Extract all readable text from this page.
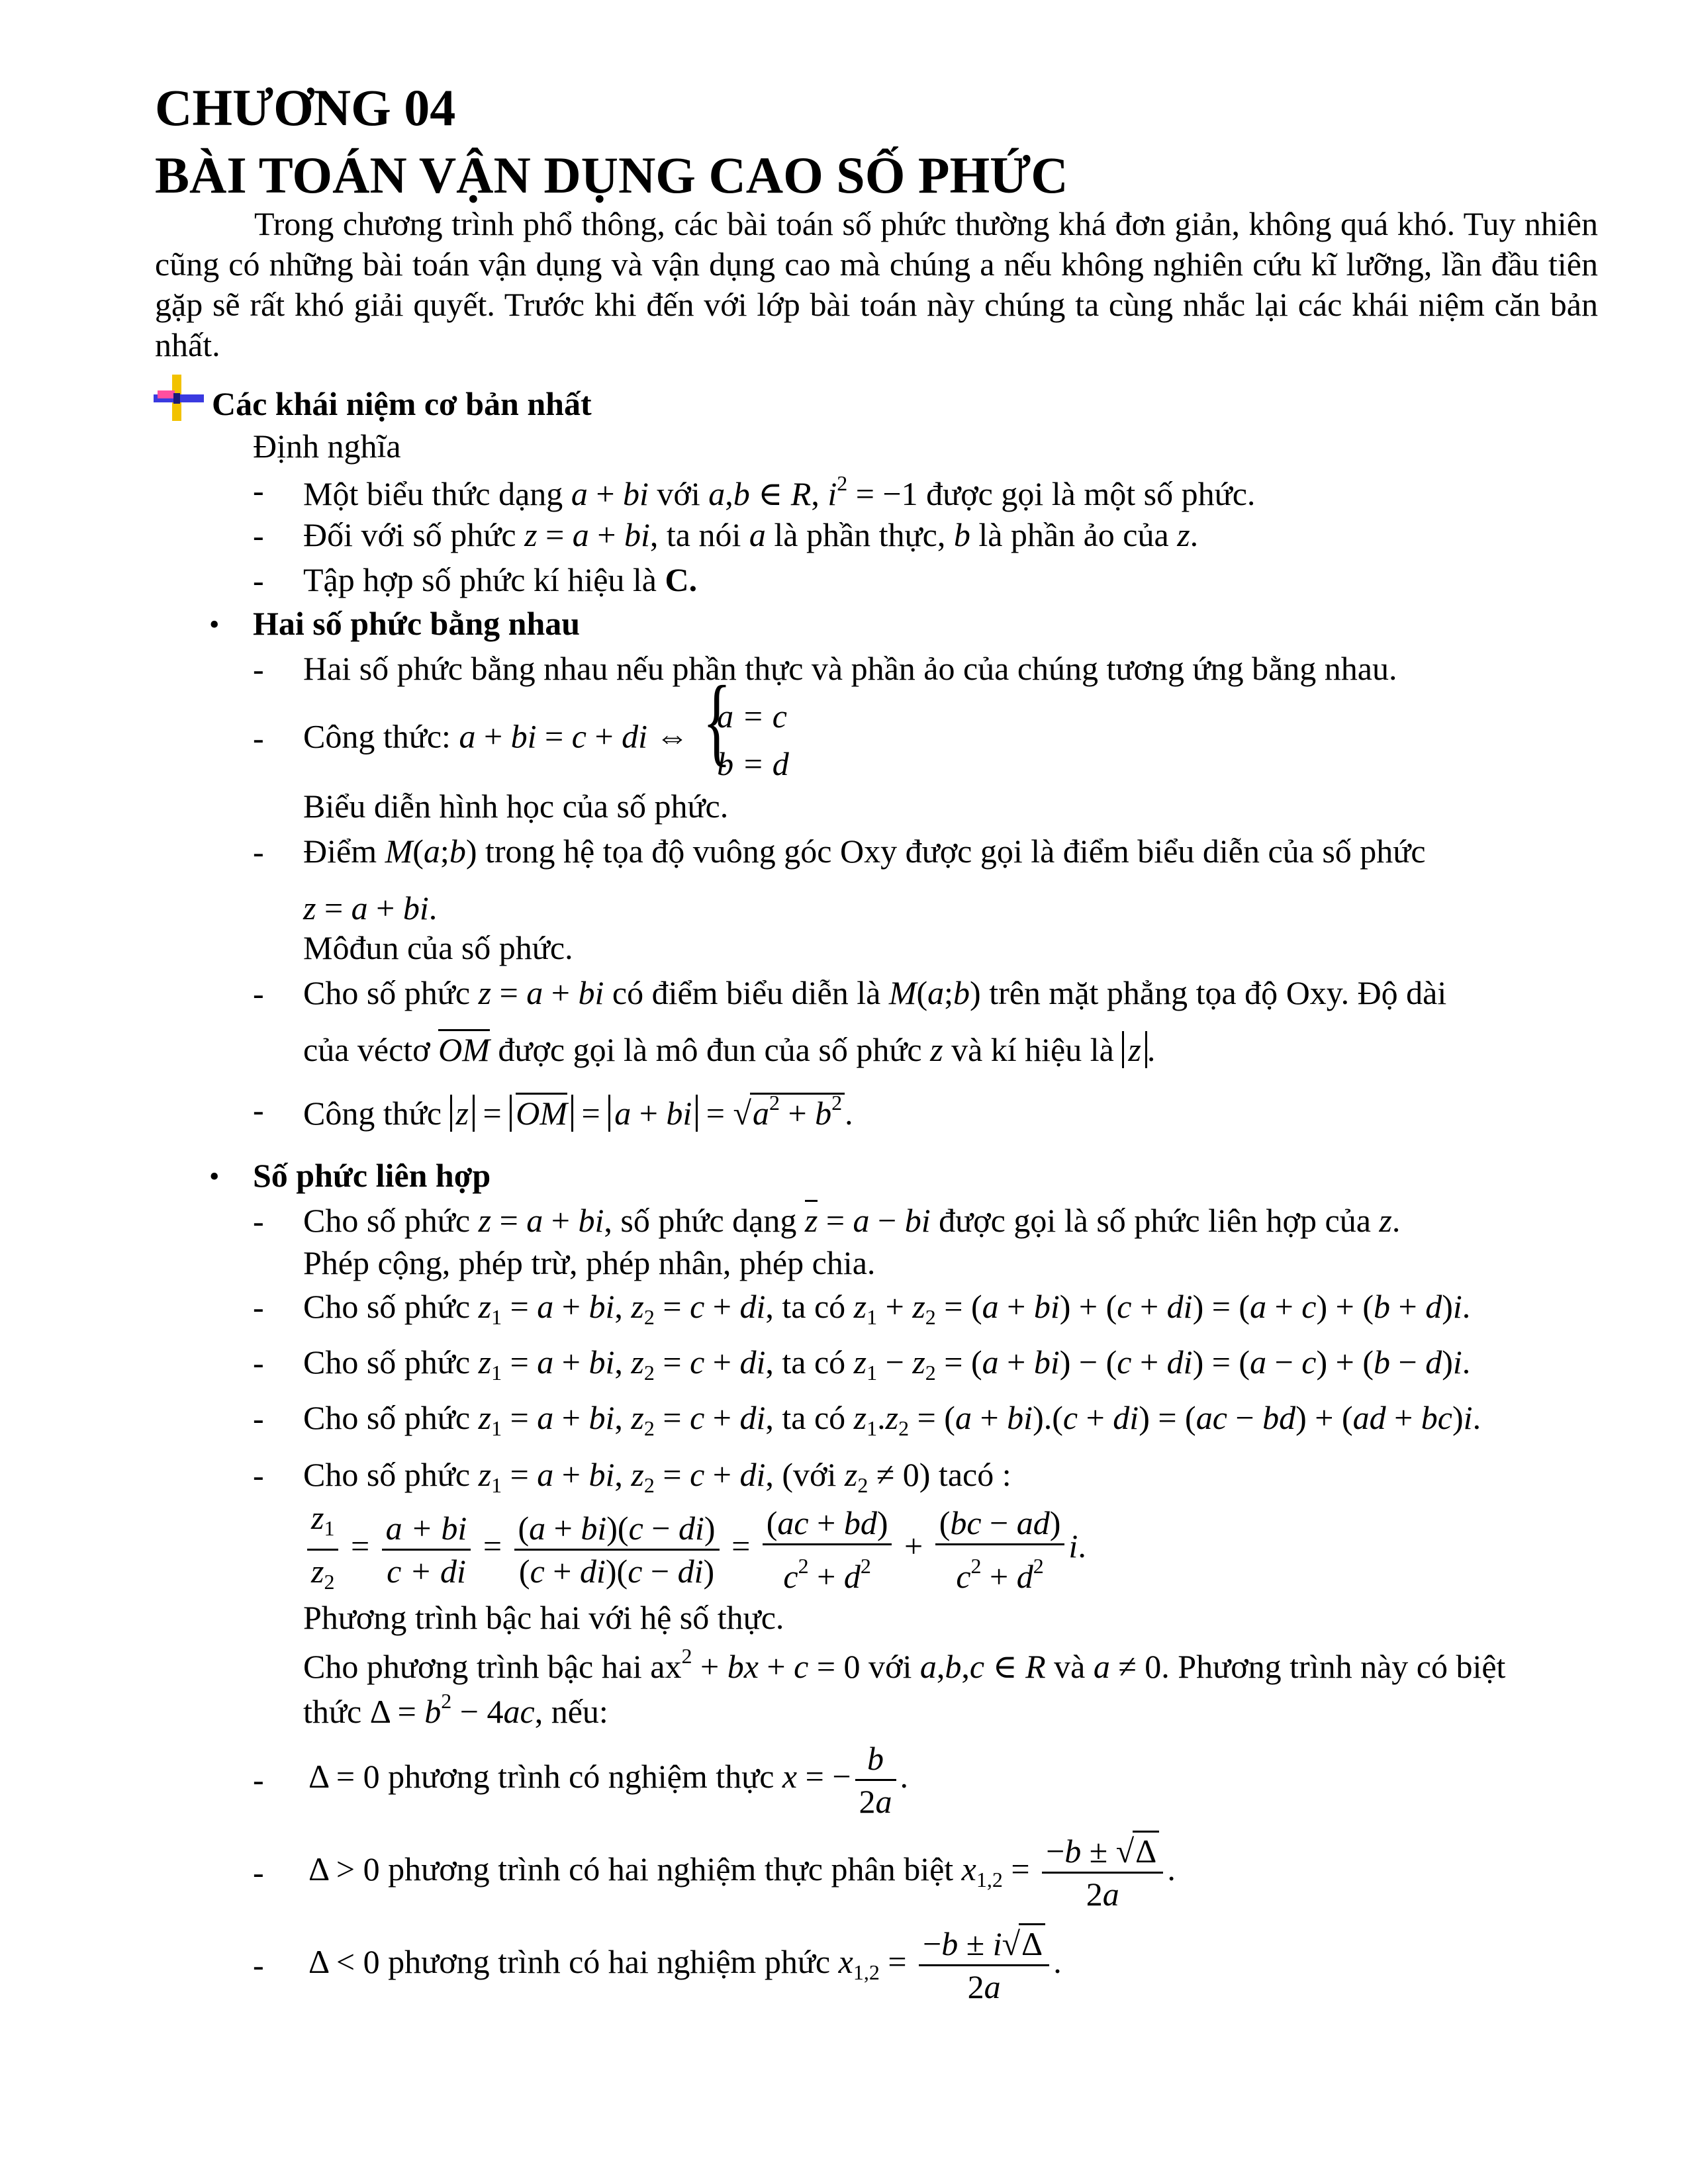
CHƯƠNG 04
BÀI TOÁN VẬN DỤNG CAO SỐ PHỨC
Trong chương trình phổ thông, các bài toán số phức thường khá đơn giản, không quá khó. Tuy nhiên cũng có những bài toán vận dụng và vận dụng cao mà chúng a nếu không nghiên cứu kĩ lưỡng, lần đầu tiên gặp sẽ rất khó giải quyết. Trước khi đến với lớp bài toán này chúng ta cùng nhắc lại các khái niệm căn bản nhất.
Các khái niệm cơ bản nhất
Định nghĩa
- Một biểu thức dạng a + bi với a,b ∈ R, $i^2 = -1$ được gọi là một số phức.
- Đối với số phức z = a + bi, ta nói a là phần thực, b là phần ảo của z.
- Tập hợp số phức kí hiệu là C.
• Hai số phức bằng nhau
- Hai số phức bằng nhau nếu phần thực và phần ảo của chúng tương ứng bằng nhau.
- Công thức: a + bi = c + di ⇔
{ a = c
b = d
Biểu diễn hình học của số phức.
- Điểm M(a;b) trong hệ tọa độ vuông góc Oxy được gọi là điểm biểu diễn của số phức
z = a + bi.
Môđun của số phức.
- Cho số phức z = a + bi có điểm biểu diễn là M(a;b) trên mặt phẳng tọa độ Oxy. Độ dài
của véctơ OM được gọi là mô đun của số phức z và kí hiệu là z .
- Công thức z = OM = a + bi = $√a^2 + b^2$.
• Số phức liên hợp
- Cho số phức z = a + bi, số phức dạng z = a − bi được gọi là số phức liên hợp của z.
Phép cộng, phép trừ, phép nhân, phép chia.
- Cho số phức $z_1 = a$ + bi, $z_2 = c$ + di, ta có $z_1 + z_2 = (a + bi) + (c + di) = (a + c) + (b + d)i$.
- Cho số phức $z_1 = a$ + bi, $z_2 = c$ + di, ta có $z_1 - z_2 = (a + bi) - (c + di) = (a - c) + (b - d)i$.
- Cho số phức $z_1 = a$ + bi, $z_2 = c$ + di, ta có $z_1.z_2 = (a + bi).(c + di) = (ac - bd) + (ad + bc)i$.
- Cho số phức $z_1 = a$ + bi, $z_2 = c$ + di, (với $z_2 \ne 0$) tacó :
$\frac{z_1}{z_2} = \frac{a + bi}{c + di} = \frac{(a + bi)(c - di)}{(c + di)(c - di)} = \frac{(ac + bd)}{c^2 + d^2} + \frac{(bc - ad)}{c^2 + d^2} i$.
Phương trình bậc hai với hệ số thực.
Cho phương trình bậc hai $ax^2$ + bx + c = 0 với a,b,c ∈ R và a ≠ 0. Phương trình này có biệt
thức $\Delta = b^2 - 4ac$, nếu:
- Δ = 0 phương trình có nghiệm thực x = − $\frac{b}{2a}$ .
- Δ > 0 phương trình có hai nghiệm thực phân biệt $x_{1,2} = \frac{-b \pm √\Delta}{2a}$ .
- Δ < 0 phương trình có hai nghiệm phức $x_{1,2} = \frac{-b \pm i√\Delta}{2a}$ .
